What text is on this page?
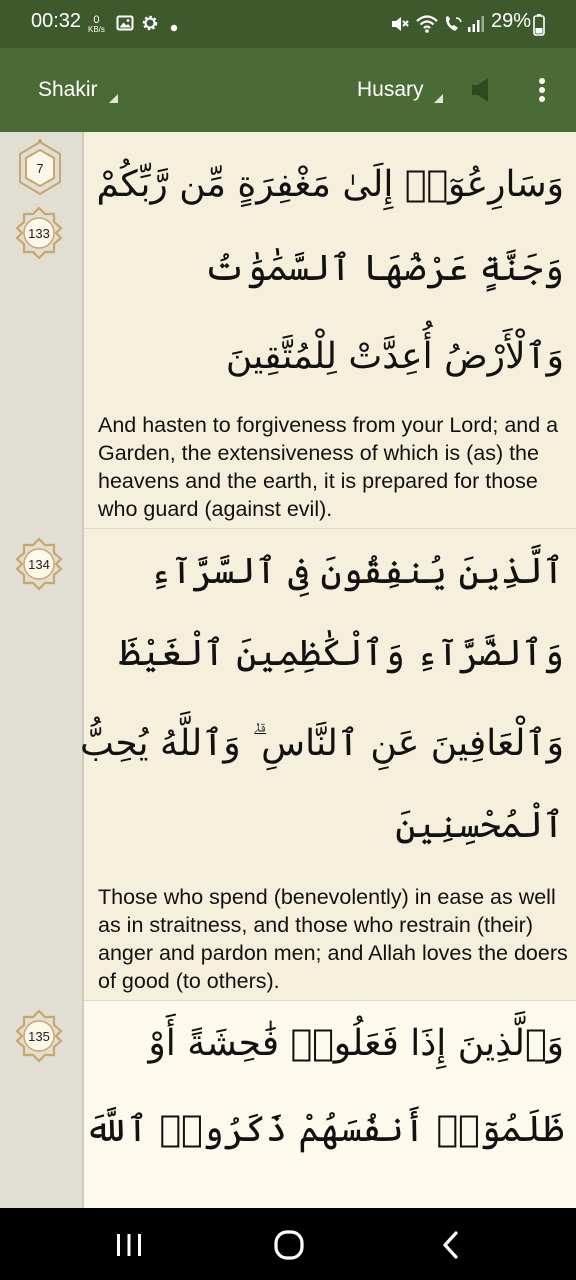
00:32	0
KB/s	29%
Shakir	Husary
7
133
وَسَارِعُوٓا۟ إِلَىٰ مَغْفِرَةٍ مِّن رَّبِّكُمْ
وَجَنَّةٍ عَرْضُهَا ٱلسَّمَٰوَٰتُ
وَٱلْأَرْضُ أُعِدَّتْ لِلْمُتَّقِينَ
And hasten to forgiveness from your Lord; and a Garden, the extensiveness of which is (as) the heavens and the earth, it is prepared for those who guard (against evil).
134	ٱلَّذِينَ يُنفِقُونَ فِى ٱلسَّرَّآءِ
وَٱلضَّرَّآءِ وَٱلْكَٰظِمِينَ ٱلْغَيْظَ
وَٱلْعَافِينَ عَنِ ٱلنَّاسِ ۗ وَٱللَّهُ يُحِبُّ
ٱلْمُحْسِنِينَ
Those who spend (benevolently) in ease as well as in straitness, and those who restrain (their) anger and pardon men; and Allah loves the doers of good (to others).
135	وَٱلَّذِينَ إِذَا فَعَلُوا۟ فَٰحِشَةً أَوْ
ظَلَمُوٓا۟ أَنفُسَهُمْ ذَكَرُوا۟ ٱللَّهَ
